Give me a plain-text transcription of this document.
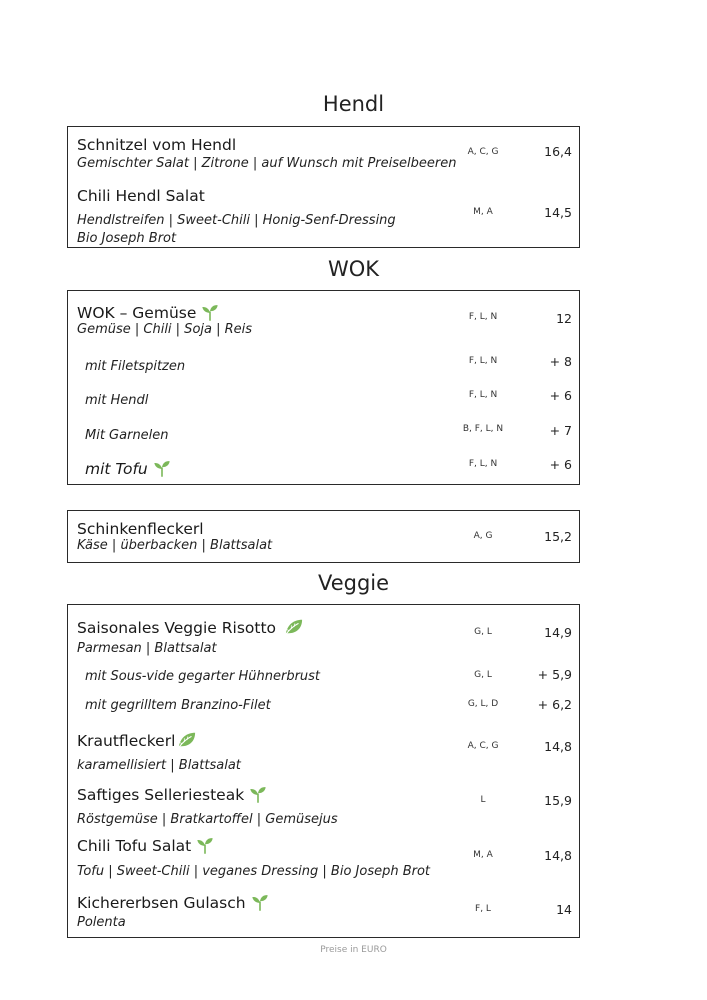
Hendl
Schnitzel vom Hendl
Gemischter Salat | Zitrone | auf Wunsch mit Preiselbeeren
A, C, G	16,4
Chili Hendl Salat
Hendlstreifen | Sweet-Chili | Honig-Senf-Dressing
Bio Joseph Brot
M, A	14,5
WOK
WOK – Gemüse
Gemüse | Chili | Soja | Reis
F, L, N	12
mit Filetspitzen	F, L, N	+ 8
mit Hendl	F, L, N	+ 6
Mit Garnelen	B, F, L, N	+ 7
mit Tofu	F, L, N	+ 6
Schinkenfleckerl
Käse | überbacken | Blattsalat
A, G	15,2
Veggie
Saisonales Veggie Risotto
Parmesan | Blattsalat
G, L	14,9
mit Sous-vide gegarter Hühnerbrust	G, L	+ 5,9
mit gegrilltem Branzino-Filet	G, L, D	+ 6,2
Krautfleckerl
karamellisiert | Blattsalat
A, C, G	14,8
Saftiges Selleriesteak
Röstgemüse | Bratkartoffel | Gemüsejus
L	15,9
Chili Tofu Salat
Tofu | Sweet-Chili | veganes Dressing | Bio Joseph Brot
M, A	14,8
Kichererbsen Gulasch
Polenta
F, L	14
Preise in EURO
